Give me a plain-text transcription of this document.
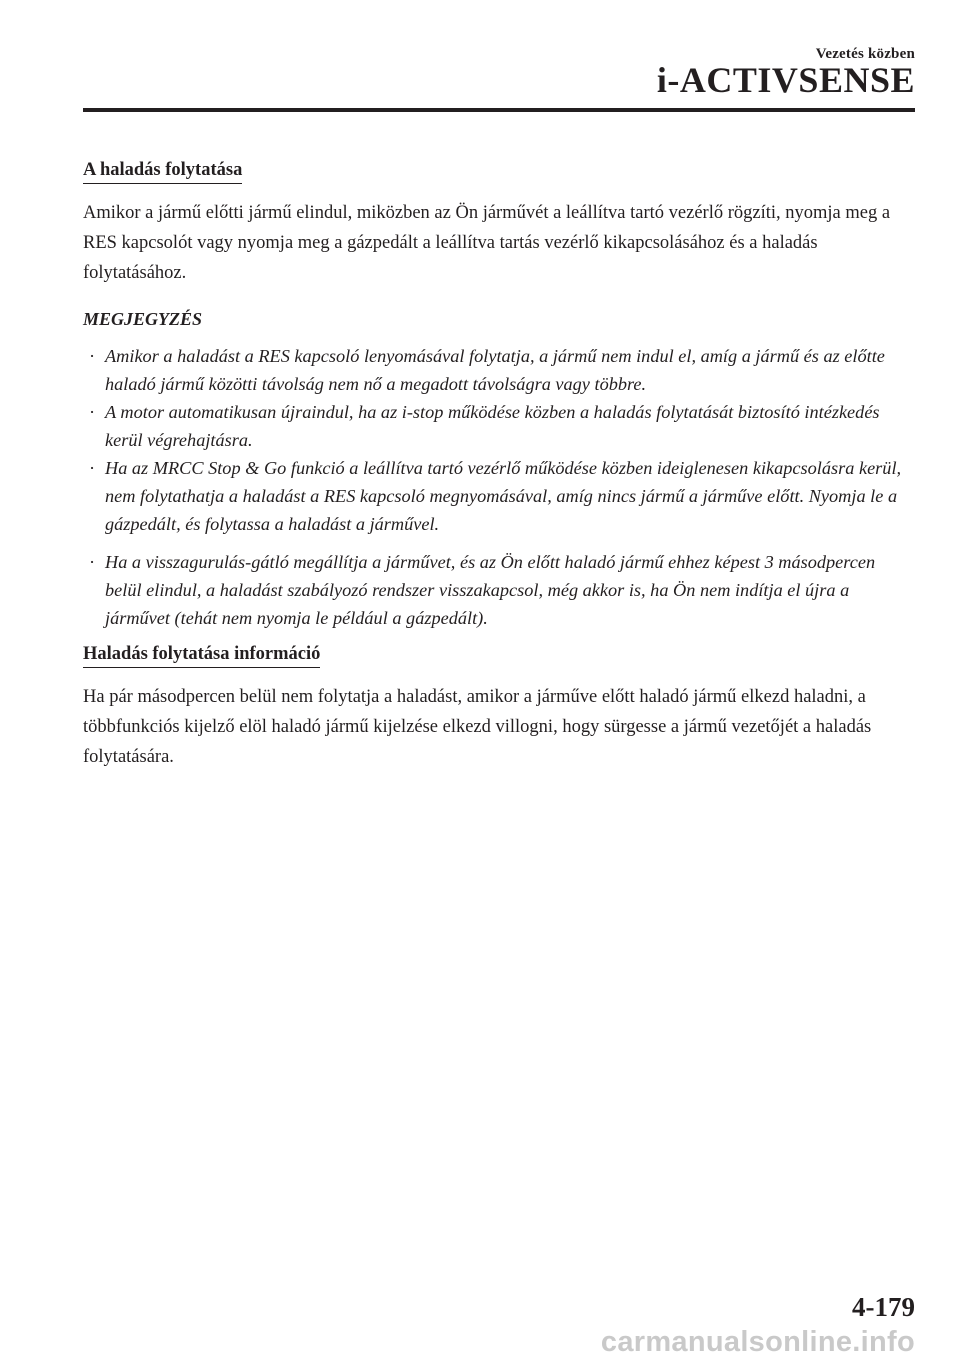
Vezetés közben
i-ACTIVSENSE
A haladás folytatása

Amikor a jármű előtti jármű elindul, miközben az Ön járművét a leállítva tartó vezérlő rögzíti, nyomja meg a RES kapcsolót vagy nyomja meg a gázpedált a leállítva tartás vezérlő kikapcsolásához és a haladás folytatásához.

MEGJEGYZÉS
· Amikor a haladást a RES kapcsoló lenyomásával folytatja, a jármű nem indul el, amíg a jármű és az előtte haladó jármű közötti távolság nem nő a megadott távolságra vagy többre.
· A motor automatikusan újraindul, ha az i-stop működése közben a haladás folytatását biztosító intézkedés kerül végrehajtásra.
· Ha az MRCC Stop & Go funkció a leállítva tartó vezérlő működése közben ideiglenesen kikapcsolásra kerül, nem folytathatja a haladást a RES kapcsoló megnyomásával, amíg nincs jármű a járműve előtt. Nyomja le a gázpedált, és folytassa a haladást a járművel.
· Ha a visszagurulás-gátló megállítja a járművet, és az Ön előtt haladó jármű ehhez képest 3 másodpercen belül elindul, a haladást szabályozó rendszer visszakapcsol, még akkor is, ha Ön nem indítja el újra a járművet (tehát nem nyomja le például a gázpedált).
Haladás folytatása információ

Ha pár másodpercen belül nem folytatja a haladást, amikor a járműve előtt haladó jármű elkezd haladni, a többfunkciós kijelző elöl haladó jármű kijelzése elkezd villogni, hogy sürgesse a jármű vezetőjét a haladás folytatására.

4-179
carmanualsonline.info
